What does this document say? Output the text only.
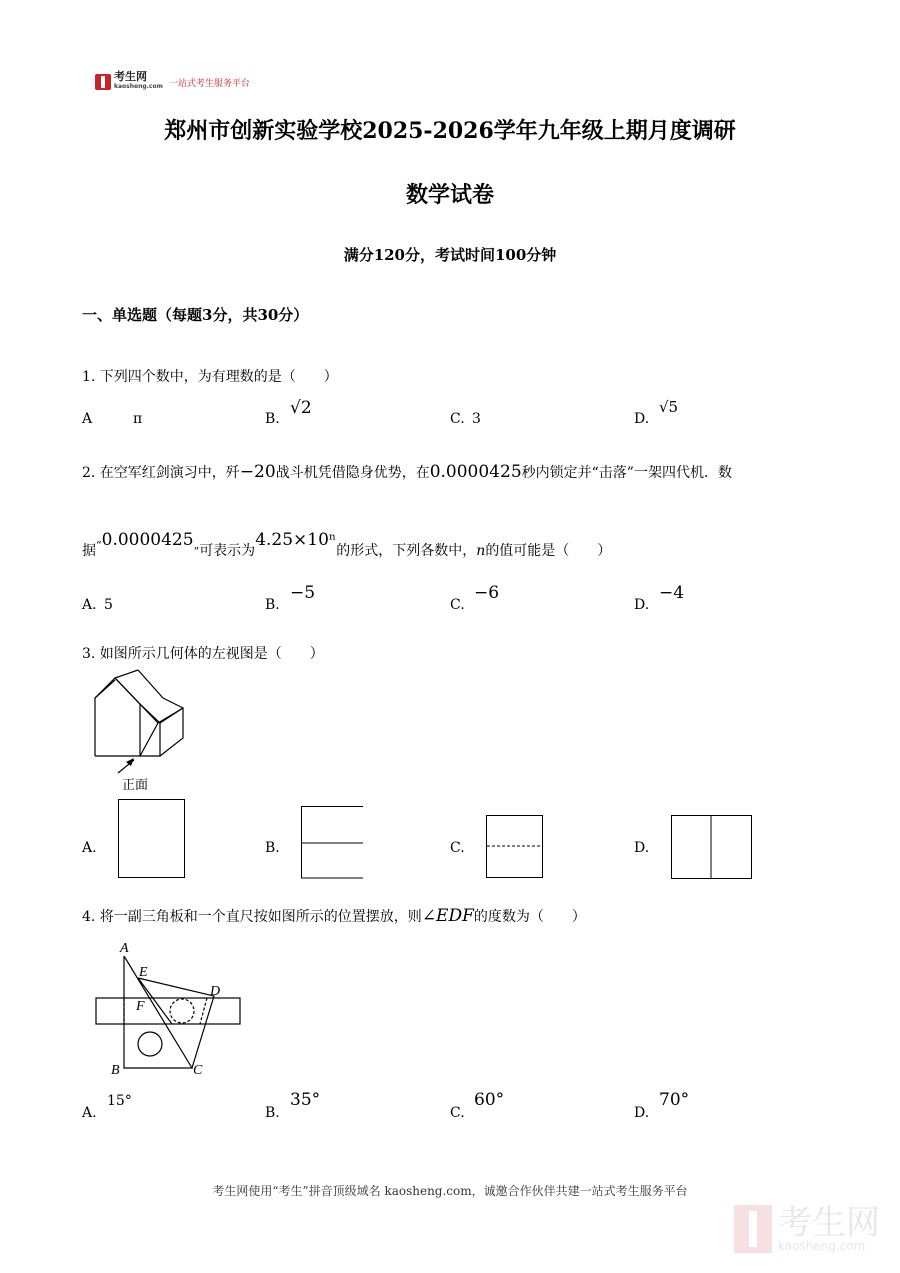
考生网
kaosheng.com 一站式考生服务平台
郑州市创新实验学校2025-2026学年九年级上期月度调研
数学试卷
满分120分，考试时间100分钟
一、单选题（每题3分，共30分）
1. 下列四个数中，为有理数的是（　　）
A	π	B.
√2
C. 3	D.
√5
2. 在空军红剑演习中，歼−20战斗机凭借隐身优势，在0.0000425秒内锁定并“击落”一架四代机．数
据“0.0000425”可表示为4.25×10ⁿ的形式，下列各数中，n的值可能是（　　）
A. 5	B.
−5
C.
−6
D.
−4
3. 如图所示几何体的左视图是（　　）
正面
A.	B.	C.	D.
4. 将一副三角板和一个直尺按如图所示的位置摆放，则∠EDF的度数为（　　）
A
E
D
F
B	C
A.
15°
B.
35°
C.
60°
D.
70°
考生网使用“考生”拼音顶级域名 kaosheng.com，诚邀合作伙伴共建一站式考生服务平台
考生网
kaosheng.com
